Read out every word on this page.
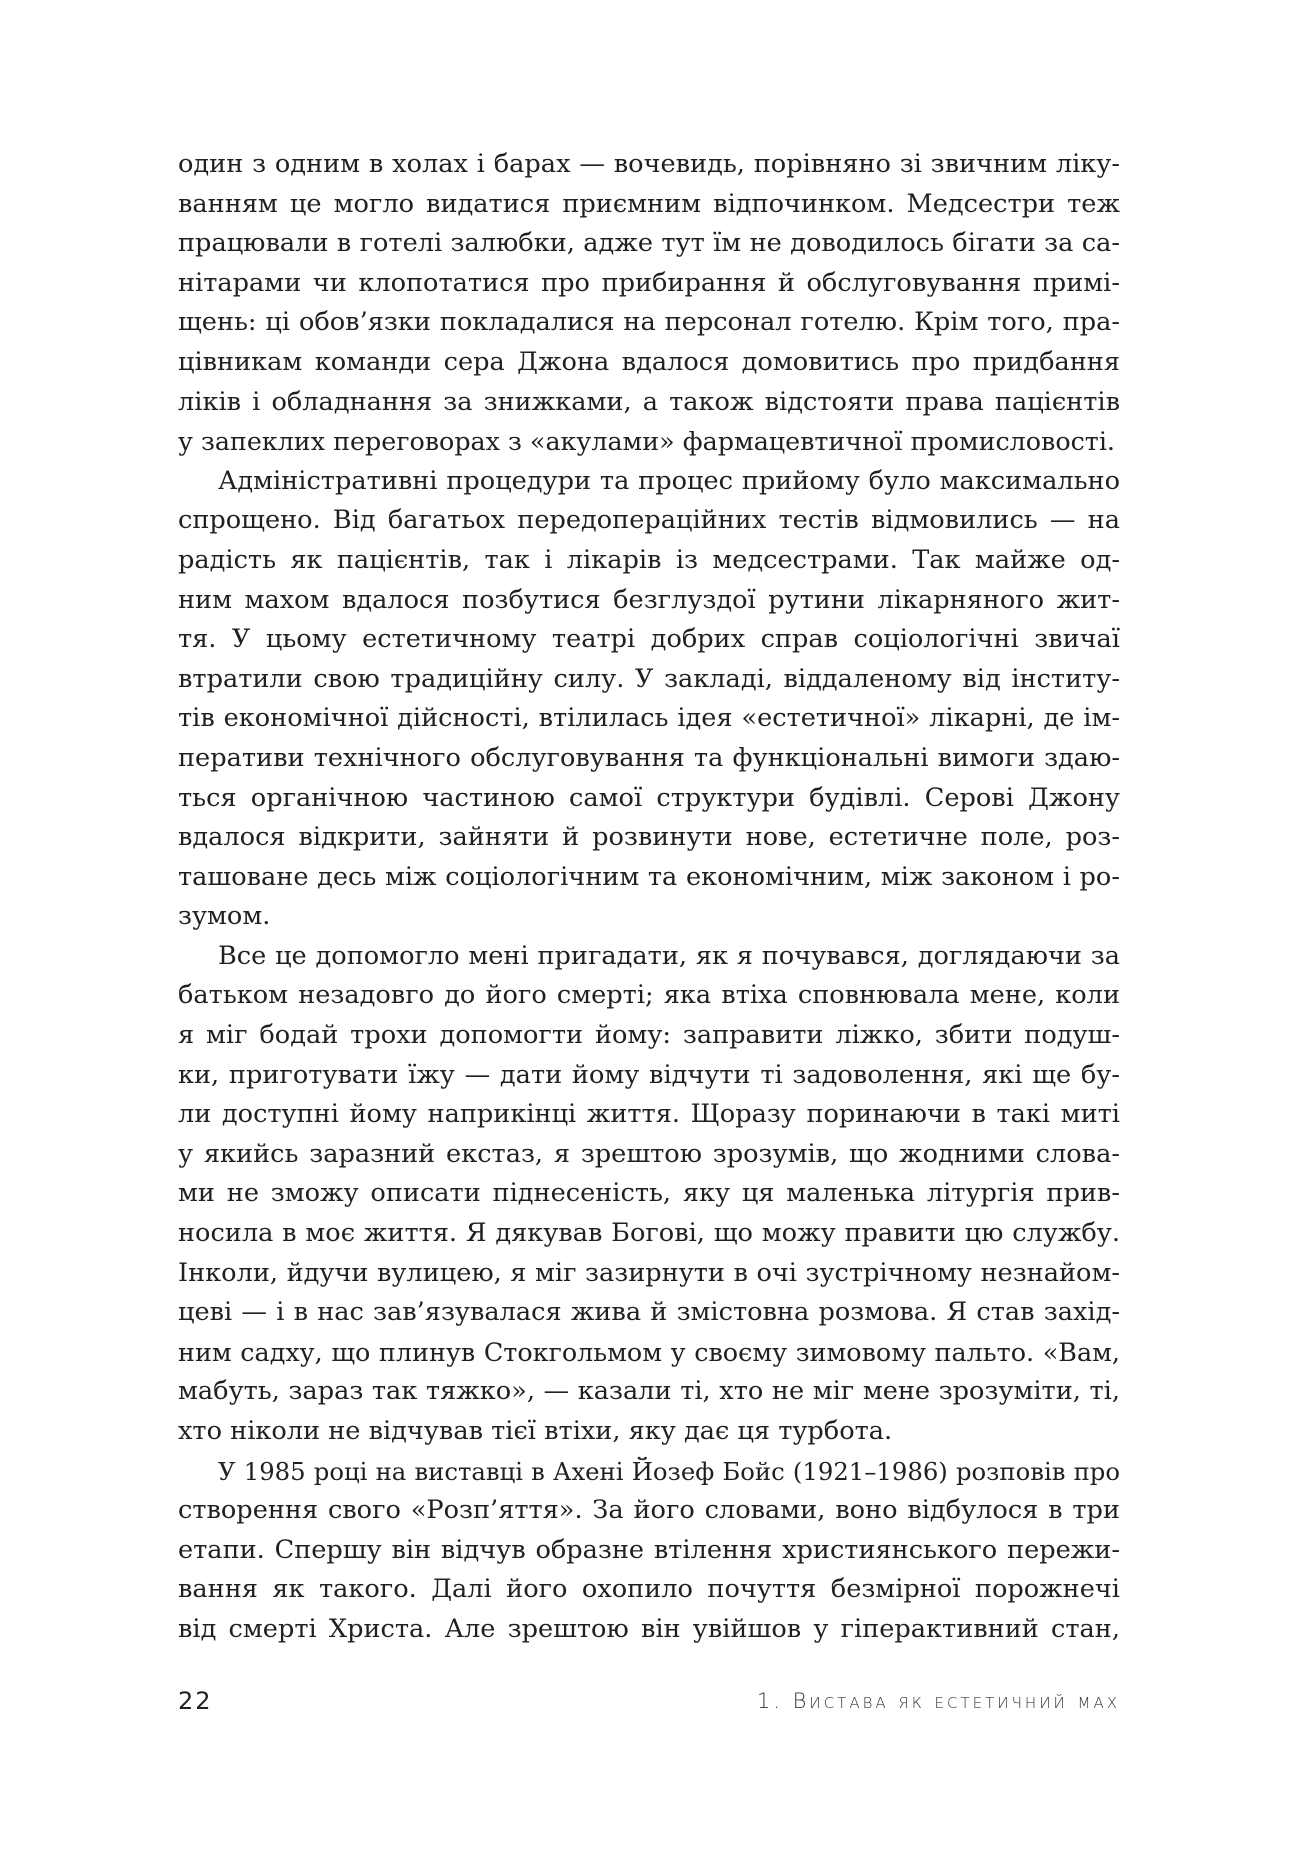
один з одним в холах і барах — вочевидь, порівняно зі звичним ліку-
ванням це могло видатися приємним відпочинком. Медсестри теж
працювали в готелі залюбки, адже тут їм не доводилось бігати за са-
нітарами чи клопотатися про прибирання й обслуговування примі-
щень: ці обов’язки покладалися на персонал готелю. Крім того, пра-
цівникам команди сера Джона вдалося домовитись про придбання
ліків і обладнання за знижками, а також відстояти права пацієнтів
у запеклих переговорах з «акулами» фармацевтичної промисловості.
Адміністративні процедури та процес прийому було максимально
спрощено. Від багатьох передопераційних тестів відмовились — на
радість як пацієнтів, так і лікарів із медсестрами. Так майже од-
ним махом вдалося позбутися безглуздої рутини лікарняного жит-
тя. У цьому естетичному театрі добрих справ соціологічні звичаї
втратили свою традиційну силу. У закладі, віддаленому від інститу-
тів економічної дійсності, втілилась ідея «естетичної» лікарні, де ім-
перативи технічного обслуговування та функціональні вимоги здаю-
ться органічною частиною самої структури будівлі. Серові Джону
вдалося відкрити, зайняти й розвинути нове, естетичне поле, роз-
ташоване десь між соціологічним та економічним, між законом і ро-
зумом.
Все це допомогло мені пригадати, як я почувався, доглядаючи за
батьком незадовго до його смерті; яка втіха сповнювала мене, коли
я міг бодай трохи допомогти йому: заправити ліжко, збити подуш-
ки, приготувати їжу — дати йому відчути ті задоволення, які ще бу-
ли доступні йому наприкінці життя. Щоразу поринаючи в такі миті
у якийсь заразний екстаз, я зрештою зрозумів, що жодними слова-
ми не зможу описати піднесеність, яку ця маленька літургія прив-
носила в моє життя. Я дякував Богові, що можу правити цю службу.
Інколи, йдучи вулицею, я міг зазирнути в очі зустрічному незнайом-
цеві — і в нас зав’язувалася жива й змістовна розмова. Я став захід-
ним садху, що плинув Стокгольмом у своєму зимовому пальто. «Вам,
мабуть, зараз так тяжко», — казали ті, хто не міг мене зрозуміти, ті,
хто ніколи не відчував тієї втіхи, яку дає ця турбота.
У 1985 році на виставці в Ахені Йозеф Бойс (1921–1986) розповів про
створення свого «Розп’яття». За його словами, воно відбулося в три
етапи. Спершу він відчув образне втілення християнського пережи-
вання як такого. Далі його охопило почуття безмірної порожнечі
від смерті Христа. Але зрештою він увійшов у гіперактивний стан,
22	1. Вистава як естетичний мах
